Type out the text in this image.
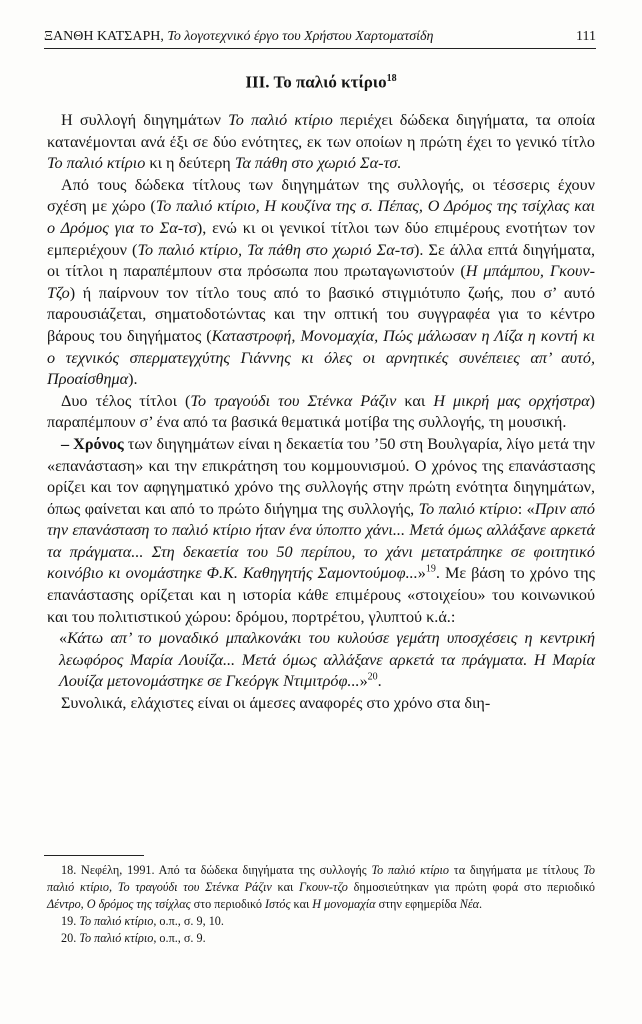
ΞΑΝΘΗ ΚΑΤΣΑΡΗ, Το λογοτεχνικό έργο του Χρήστου Χαρτοματσίδη	111
ΙΙΙ. Το παλιό κτίριο$^{18}$

Η συλλογή διηγημάτων Το παλιό κτίριο περιέχει δώδεκα διηγήματα, τα οποία κατανέμονται ανά έξι σε δύο ενότητες, εκ των οποίων η πρώτη έχει το γενικό τίτλο Το παλιό κτίριο κι η δεύτερη Τα πάθη στο χωριό Σα-τσ.

Από τους δώδεκα τίτλους των διηγημάτων της συλλογής, οι τέσσερις έχουν σχέση με χώρο (Το παλιό κτίριο, Η κουζίνα της σ. Πέπας, Ο Δρόμος της τσίχλας και ο Δρόμος για το Σα-τσ), ενώ κι οι γενικοί τίτλοι των δύο επιμέρους ενοτήτων τον εμπεριέχουν (Το παλιό κτίριο, Τα πάθη στο χωριό Σα-τσ). Σε άλλα επτά διηγήματα, οι τίτλοι η παραπέμπουν στα πρόσωπα που πρωταγωνιστούν (Η μπάμπου, Γκουν-Τζο) ή παίρνουν τον τίτλο τους από το βασικό στιγμιότυπο ζωής, που σ’ αυτό παρουσιάζεται, σηματοδοτώντας και την οπτική του συγγραφέα για το κέντρο βάρους του διηγήματος (Καταστροφή, Μονομαχία, Πώς μάλωσαν η Λίζα η κοντή κι ο τεχνικός σπερματεγχύτης Γιάννης κι όλες οι αρνητικές συνέπειες απ’ αυτό, Προαίσθημα).

Δυο τέλος τίτλοι (Το τραγούδι του Στένκα Ράζιν και Η μικρή μας ορχήστρα) παραπέμπουν σ’ ένα από τα βασικά θεματικά μοτίβα της συλλογής, τη μουσική.

– Χρόνος των διηγημάτων είναι η δεκαετία του ’50 στη Βουλγαρία, λίγο μετά την «επανάσταση» και την επικράτηση του κομμουνισμού. Ο χρόνος της επανάστασης ορίζει και τον αφηγηματικό χρόνο της συλλογής στην πρώτη ενότητα διηγημάτων, όπως φαίνεται και από το πρώτο διήγημα της συλλογής, Το παλιό κτίριο: «Πριν από την επανάσταση το παλιό κτίριο ήταν ένα ύποπτο χάνι... Μετά όμως αλλάξανε αρκετά τα πράγματα... Στη δεκαετία του 50 περίπου, το χάνι μετατράπηκε σε φοιτητικό κοινόβιο κι ονομάστηκε Φ.Κ. Καθηγητής Σαμοντούμοφ...»$^{19}$. Με βάση το χρόνο της επανάστασης ορίζεται και η ιστορία κάθε επιμέρους «στοιχείου» του κοινωνικού και του πολιτιστικού χώρου: δρόμου, πορτρέτου, γλυπτού κ.ά.:

«Κάτω απ’ το μοναδικό μπαλκονάκι του κυλούσε γεμάτη υποσχέσεις η κεντρική λεωφόρος Μαρία Λουίζα... Μετά όμως αλλάξανε αρκετά τα πράγματα. Η Μαρία Λουίζα μετονομάστηκε σε Γκεόργκ Ντιμιτρόφ...»$^{20}$.

Συνολικά, ελάχιστες είναι οι άμεσες αναφορές στο χρόνο στα διη-

18. Νεφέλη, 1991. Από τα δώδεκα διηγήματα της συλλογής Το παλιό κτίριο τα διηγήματα με τίτλους Το παλιό κτίριο, Το τραγούδι του Στένκα Ράζιν και Γκουν-τζο δημοσιεύτηκαν για πρώτη φορά στο περιοδικό Δέντρο, Ο δρόμος της τσίχλας στο περιοδικό Ιστός και Η μονομαχία στην εφημερίδα Νέα.

19. Το παλιό κτίριο, ο.π., σ. 9, 10.

20. Το παλιό κτίριο, ο.π., σ. 9.
